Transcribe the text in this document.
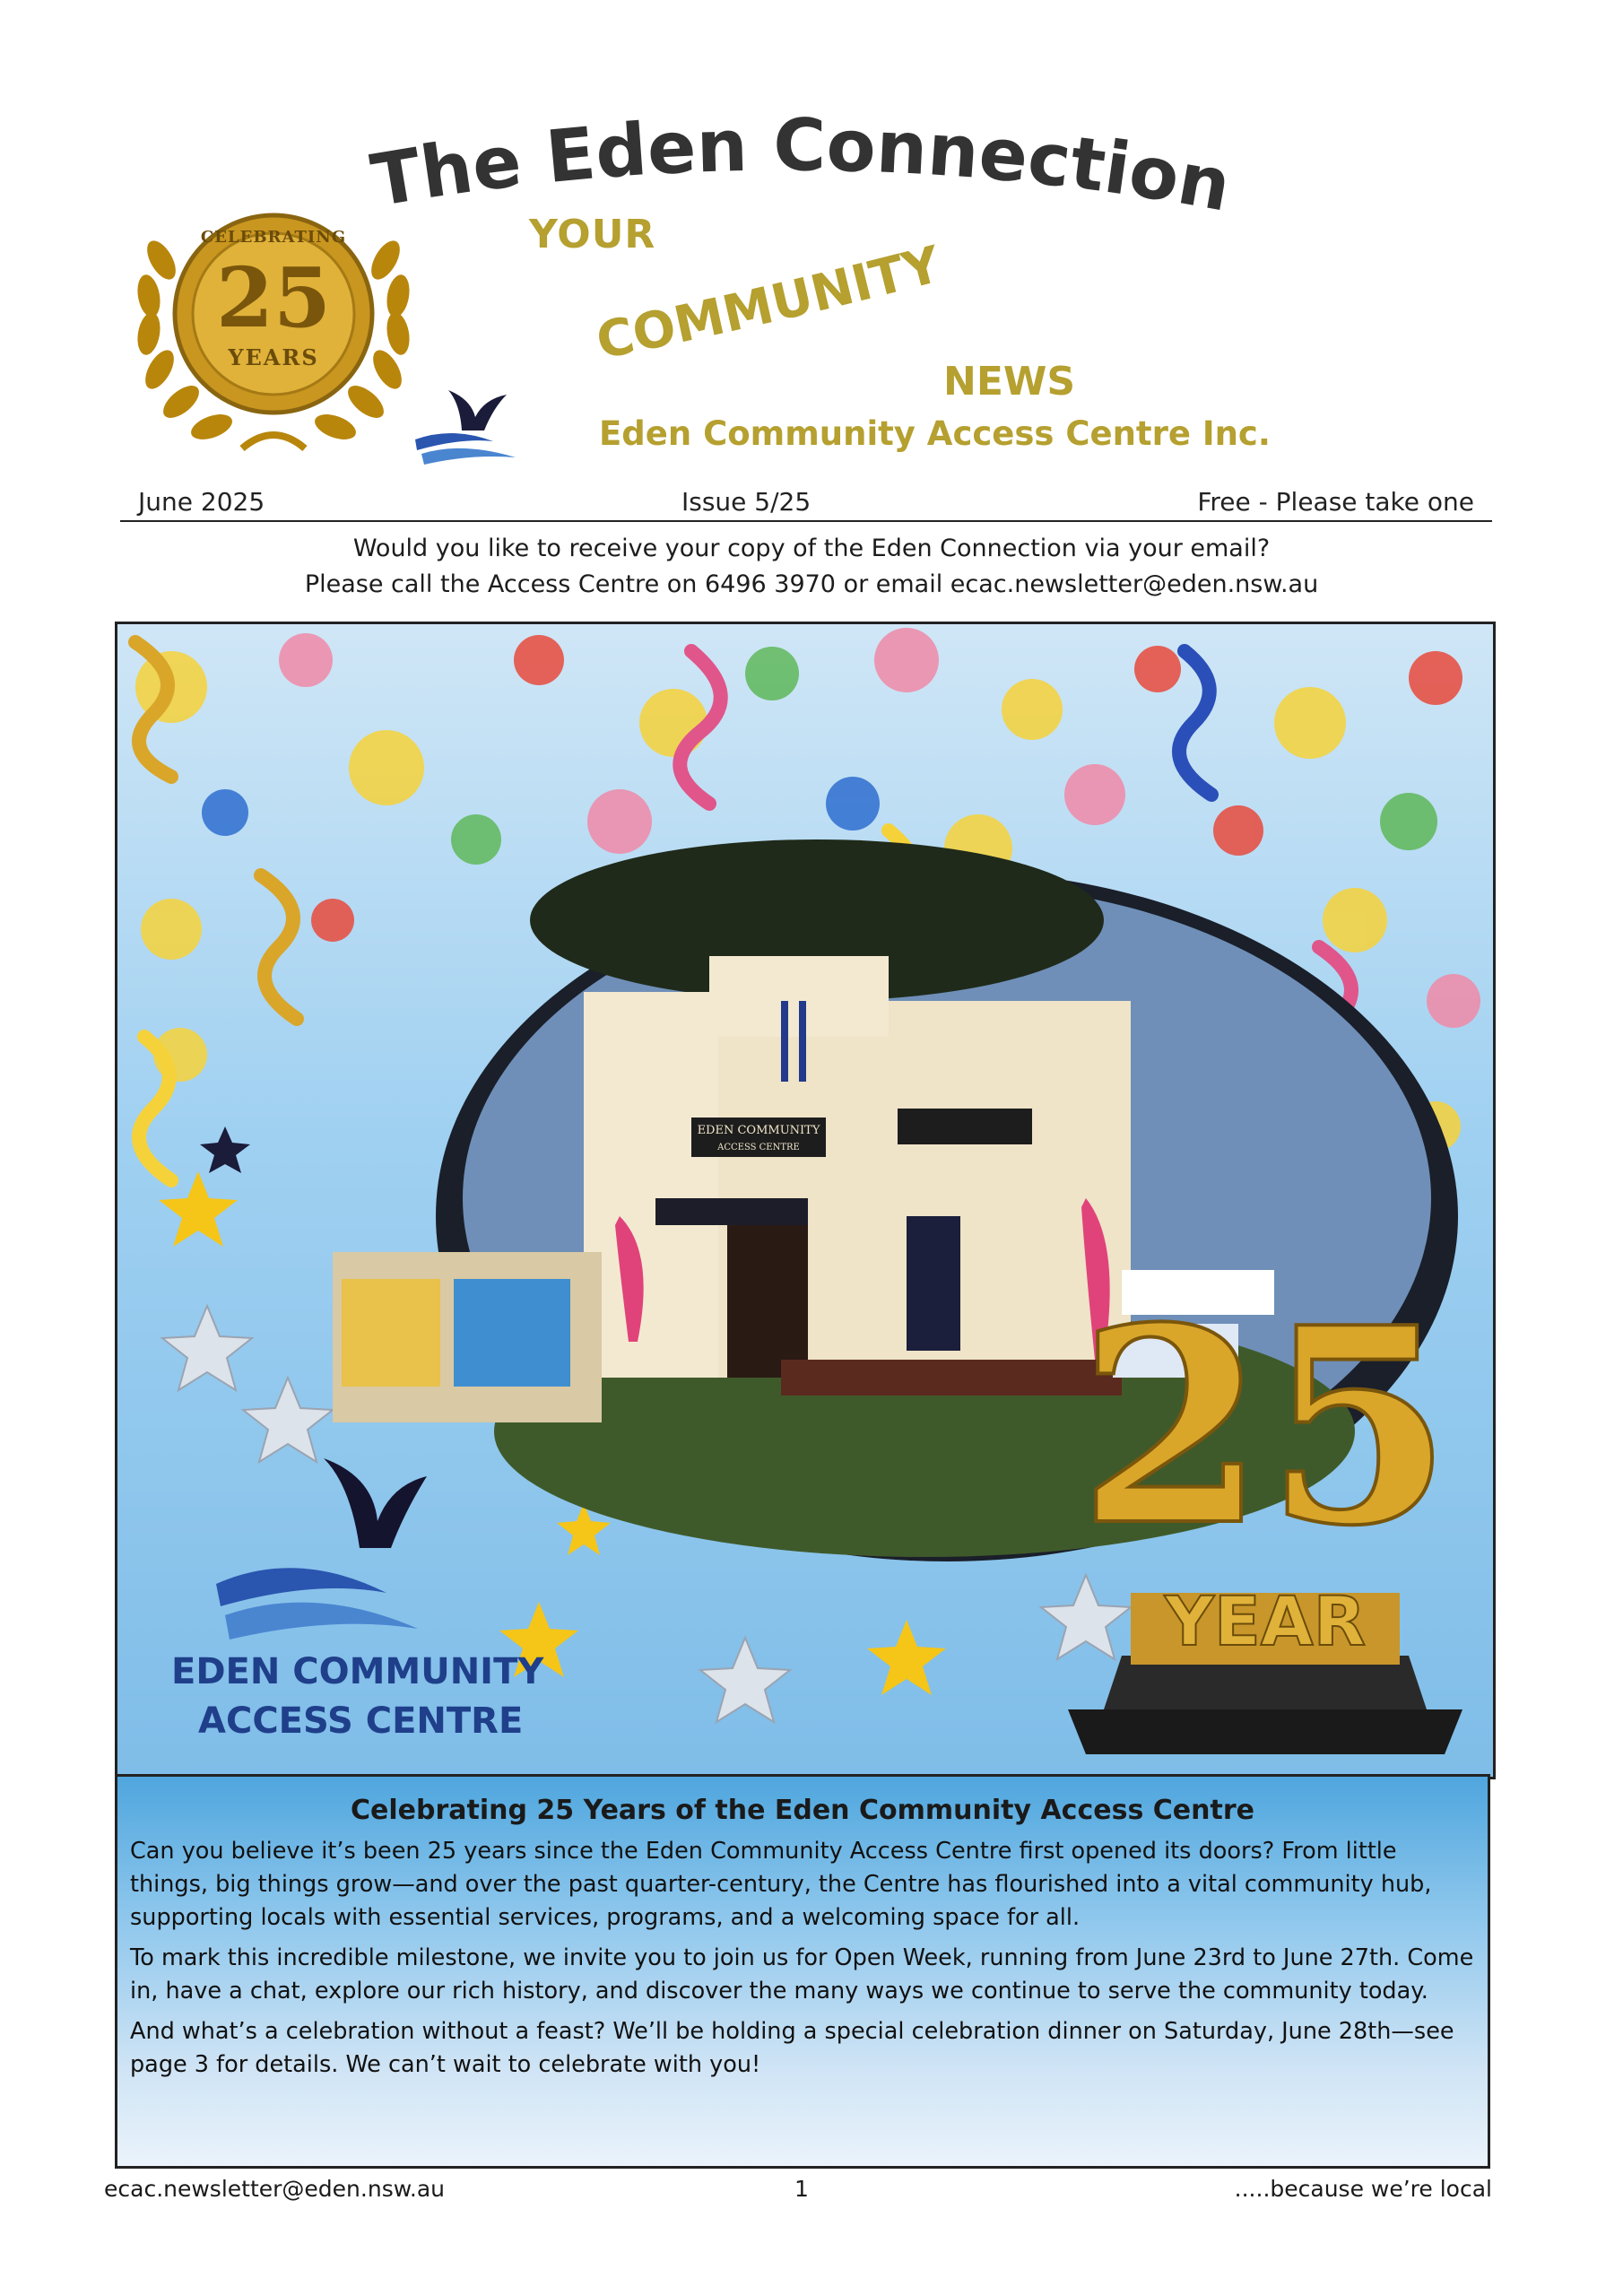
CELEBRATING
25
YEARS
The Eden Connection
YOUR
COMMUNITY
NEWS
Eden Community Access Centre Inc.
June 2025	Issue 5/25	Free - Please take one
Would you like to receive your copy of the Eden Connection via your email?
Please call the Access Centre on 6496 3970 or email ecac.newsletter@eden.nsw.au
EDEN COMMUNITY
ACCESS CENTRE
25
YEAR
EDEN COMMUNITY
ACCESS CENTRE
Celebrating 25 Years of the Eden Community Access Centre

Can you believe it’s been 25 years since the Eden Community Access Centre first opened its doors? From little things, big things grow—and over the past quarter-century, the Centre has flourished into a vital community hub, supporting locals with essential services, programs, and a welcoming space for all.

To mark this incredible milestone, we invite you to join us for Open Week, running from June 23rd to June 27th. Come in, have a chat, explore our rich history, and discover the many ways we continue to serve the community today.

And what’s a celebration without a feast? We’ll be holding a special celebration dinner on Saturday, June 28th—see page 3 for details. We can’t wait to celebrate with you!

ecac.newsletter@eden.nsw.au	1	.....because we’re local
